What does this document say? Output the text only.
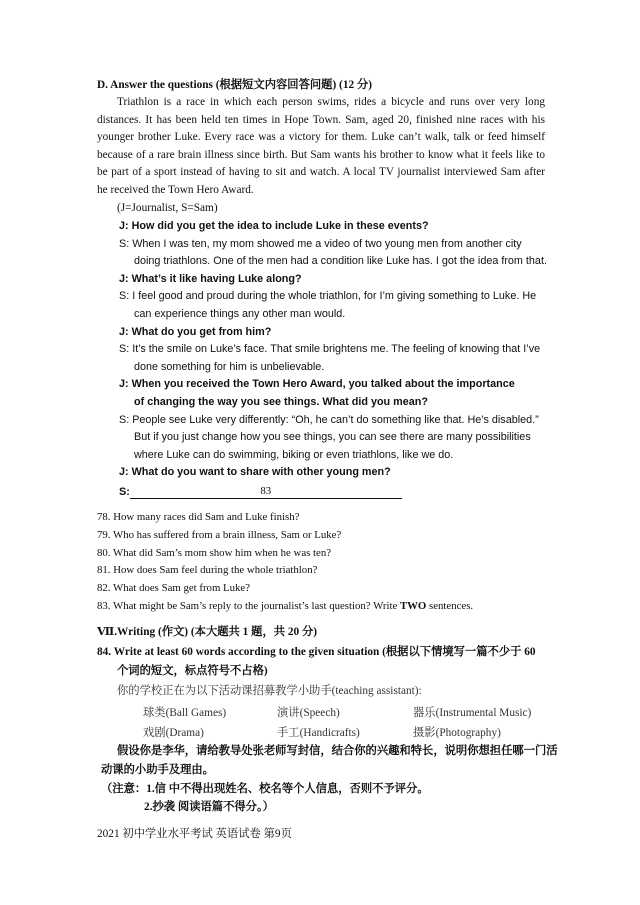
D. Answer the questions (根据短文内容回答问题) (12 分)
Triathlon is a race in which each person swims, rides a bicycle and runs over very long
distances. It has been held ten times in Hope Town. Sam, aged 20, finished nine races with his
younger brother Luke. Every race was a victory for them. Luke can’t walk, talk or feed himself
because of a rare brain illness since birth. But Sam wants his brother to know what it feels like to
be part of a sport instead of having to sit and watch. A local TV journalist interviewed Sam after
he received the Town Hero Award.
(J=Journalist, S=Sam)
J: How did you get the idea to include Luke in these events?
S: When I was ten, my mom showed me a video of two young men from another city
doing triathlons. One of the men had a condition like Luke has. I got the idea from that.
J: What’s it like having Luke along?
S: I feel good and proud during the whole triathlon, for I’m giving something to Luke. He
can experience things any other man would.
J: What do you get from him?
S: It’s the smile on Luke’s face. That smile brightens me. The feeling of knowing that I’ve
done something for him is unbelievable.
J: When you received the Town Hero Award, you talked about the importance
of changing the way you see things. What did you mean?
S: People see Luke very differently: “Oh, he can’t do something like that. He’s disabled.”
But if you just change how you see things, you can see there are many possibilities
where Luke can do swimming, biking or even triathlons, like we do.
J: What do you want to share with other young men?
S:	83
78. How many races did Sam and Luke finish?
79. Who has suffered from a brain illness, Sam or Luke?
80. What did Sam’s mom show him when he was ten?
81. How does Sam feel during the whole triathlon?
82. What does Sam get from Luke?
83. What might be Sam’s reply to the journalist’s last question? Write TWO sentences.
Ⅶ.Writing (作文) (本大题共 1 题，共 20 分)
84. Write at least 60 words according to the given situation (根据以下情境写一篇不少于 60
个词的短文，标点符号不占格)
你的学校正在为以下活动课招募教学小助手(teaching assistant):
球类(Ball Games)	演讲(Speech)	器乐(Instrumental Music)
戏剧(Drama)	手工(Handicrafts)	摄影(Photography)
假设你是李华，请给教导处张老师写封信，结合你的兴趣和特长，说明你想担任哪一门活
动课的小助手及理由。
（注意：1.信 中不得出现姓名、校名等个人信息，否则不予评分。
2.抄袭 阅读语篇不得分。）
2021 初中学业水平考试 英语试卷 第9页
